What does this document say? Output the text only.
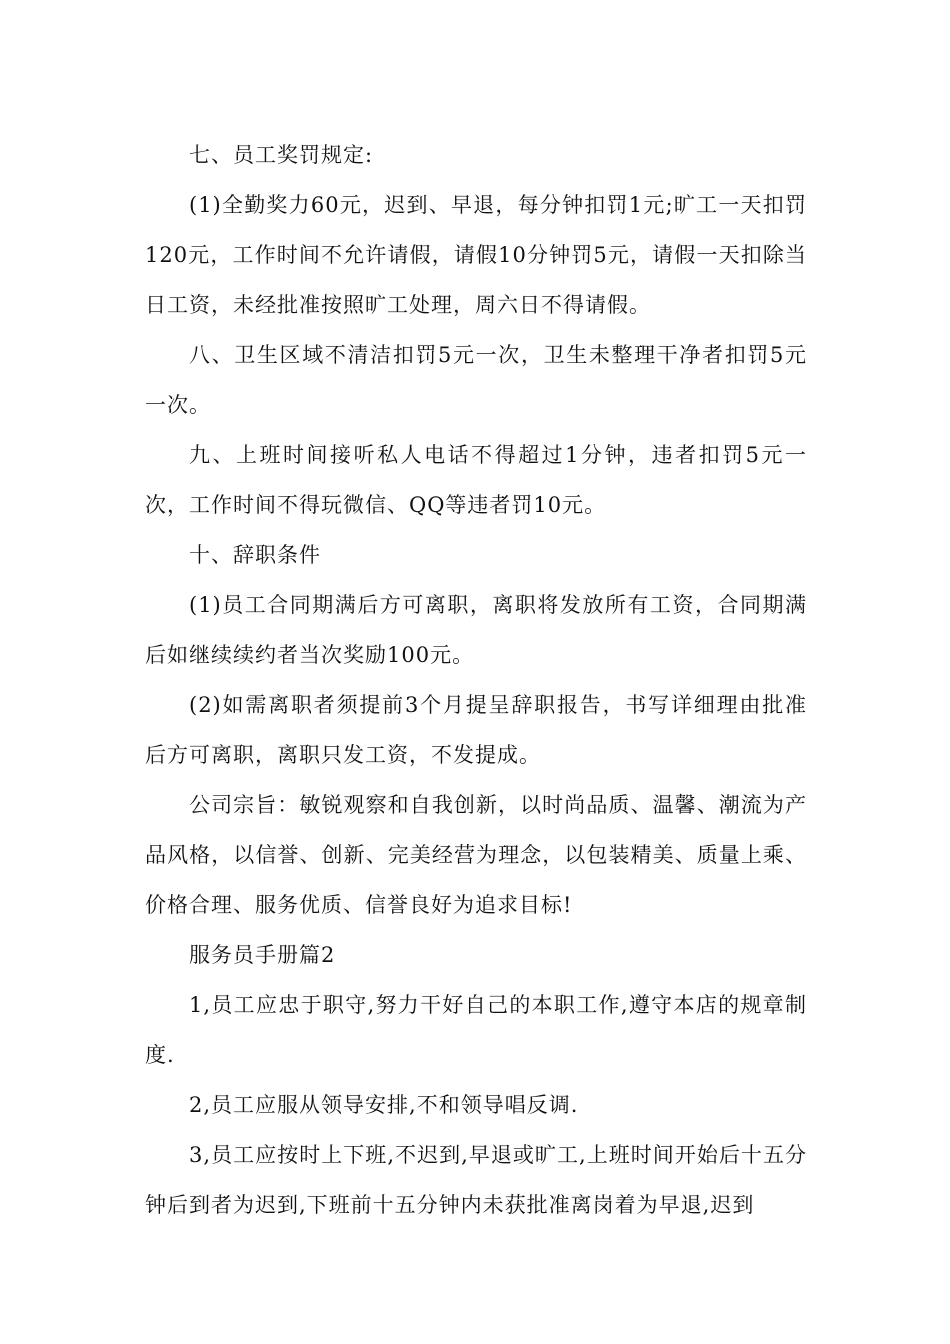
七、员工奖罚规定:

(1)全勤奖力60元，迟到、早退，每分钟扣罚1元;旷工一天扣罚120元，工作时间不允许请假，请假10分钟罚5元，请假一天扣除当日工资，未经批准按照旷工处理，周六日不得请假。

八、卫生区域不清洁扣罚5元一次，卫生未整理干净者扣罚5元一次。

九、上班时间接听私人电话不得超过1分钟，违者扣罚5元一次，工作时间不得玩微信、QQ等违者罚10元。

十、辞职条件

(1)员工合同期满后方可离职，离职将发放所有工资，合同期满后如继续续约者当次奖励100元。

(2)如需离职者须提前3个月提呈辞职报告，书写详细理由批准后方可离职，离职只发工资，不发提成。

公司宗旨：敏锐观察和自我创新，以时尚品质、温馨、潮流为产品风格，以信誉、创新、完美经营为理念，以包装精美、质量上乘、价格合理、服务优质、信誉良好为追求目标!

服务员手册篇2

1,员工应忠于职守,努力干好自己的本职工作,遵守本店的规章制度.

2,员工应服从领导安排,不和领导唱反调.

3,员工应按时上下班,不迟到,早退或旷工,上班时间开始后十五分钟后到者为迟到,下班前十五分钟内未获批准离岗着为早退,迟到
